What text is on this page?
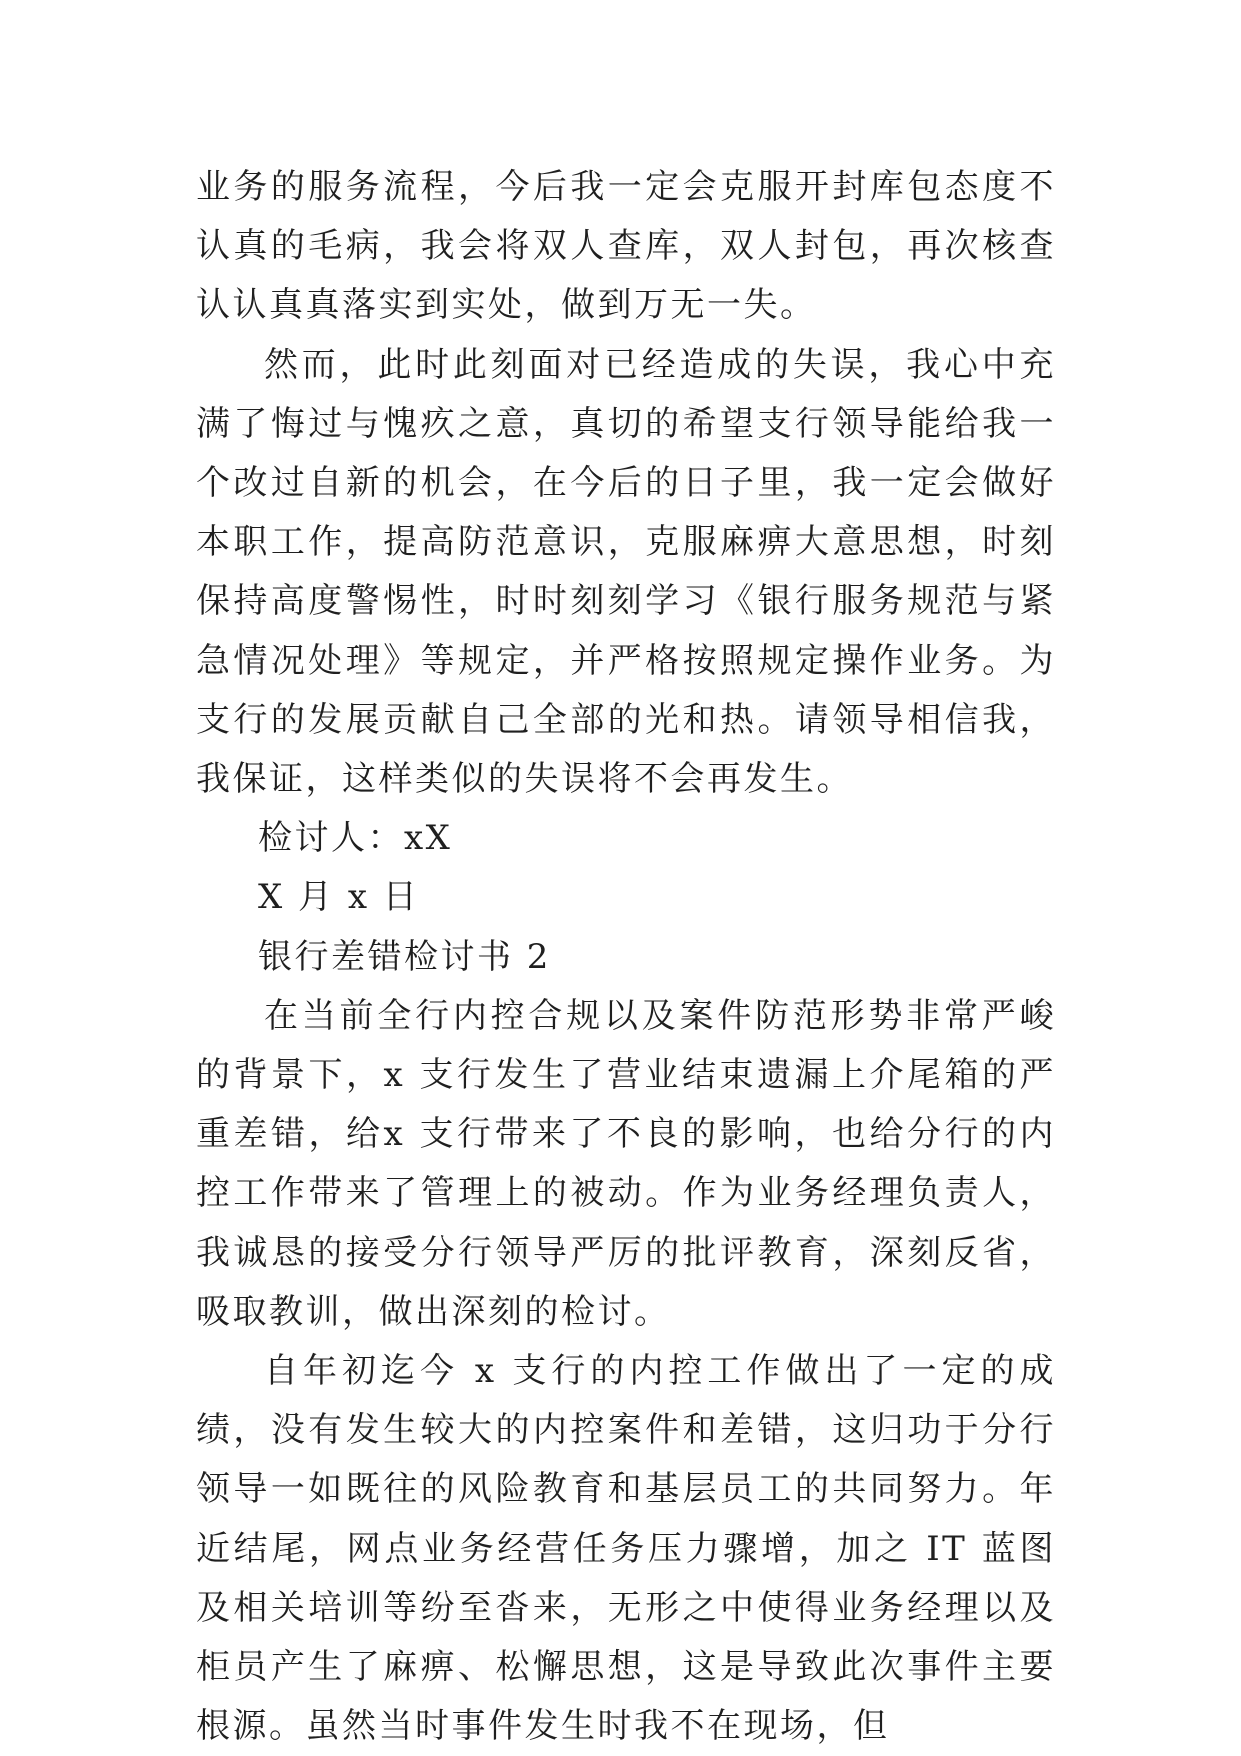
业务的服务流程，今后我一定会克服开封库包态度不认真的毛病，我会将双人查库，双人封包，再次核查认认真真落实到实处，做到万无一失。

然而，此时此刻面对已经造成的失误，我心中充满了悔过与愧疚之意，真切的希望支行领导能给我一个改过自新的机会，在今后的日子里，我一定会做好本职工作，提高防范意识，克服麻痹大意思想，时刻保持高度警惕性，时时刻刻学习《银行服务规范与紧急情况处理》等规定，并严格按照规定操作业务。为支行的发展贡献自己全部的光和热。请领导相信我，我保证，这样类似的失误将不会再发生。

检讨人：xX

X 月 x 日

银行差错检讨书 2

在当前全行内控合规以及案件防范形势非常严峻的背景下，x 支行发生了营业结束遗漏上介尾箱的严重差错，给x 支行带来了不良的影响，也给分行的内控工作带来了管理上的被动。作为业务经理负责人，我诚恳的接受分行领导严厉的批评教育，深刻反省，吸取教训，做出深刻的检讨。

自年初迄今 x 支行的内控工作做出了一定的成绩，没有发生较大的内控案件和差错，这归功于分行领导一如既往的风险教育和基层员工的共同努力。年近结尾，网点业务经营任务压力骤增，加之 IT 蓝图及相关培训等纷至沓来，无形之中使得业务经理以及柜员产生了麻痹、松懈思想，这是导致此次事件主要根源。虽然当时事件发生时我不在现场，但
